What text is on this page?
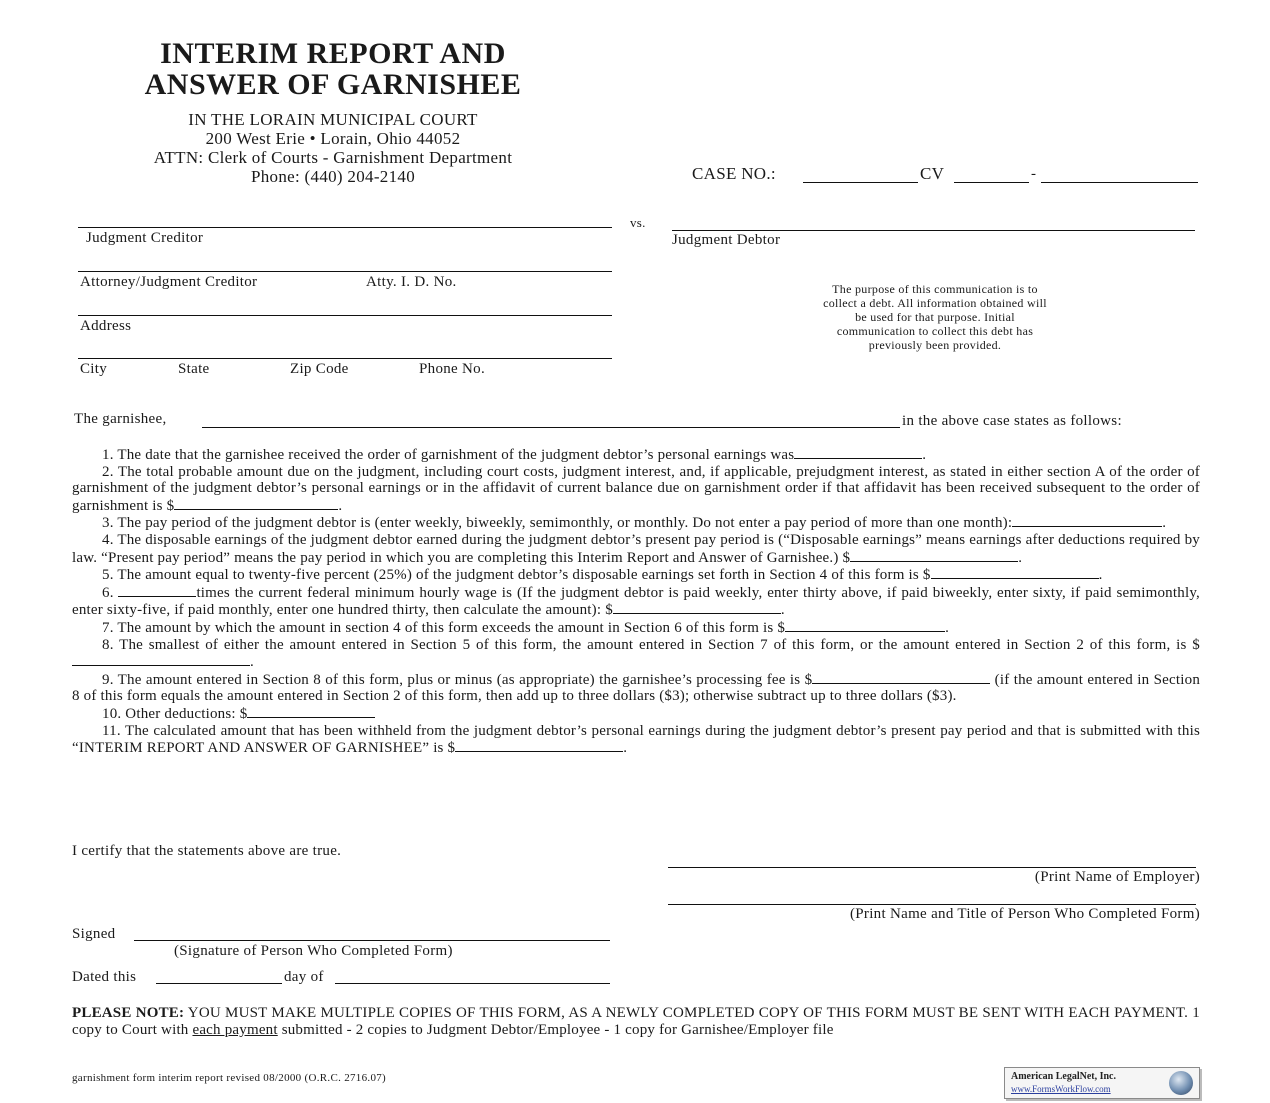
INTERIM REPORT AND
ANSWER OF GARNISHEE
IN THE LORAIN MUNICIPAL COURT
200 West Erie • Lorain, Ohio 44052
ATTN: Clerk of Courts - Garnishment Department
Phone: (440) 204-2140	CASE NO.:	CV	-
Judgment Creditor
vs.
Judgment Debtor
Attorney/Judgment Creditor	Atty. I. D. No.
Address
City	State	Zip Code	Phone No.
The purpose of this communication is to
collect a debt. All information obtained will
be used for that purpose. Initial
communication to collect this debt has
previously been provided.
The garnishee,	in the above case states as follows:

1. The date that the garnishee received the order of garnishment of the judgment debtor’s personal earnings was	.

2. The total probable amount due on the judgment, including court costs, judgment interest, and, if applicable, prejudgment interest, as stated in either section A of the order of garnishment of the judgment debtor’s personal earnings or in the affidavit of current balance due on garnishment order if that affidavit has been received subsequent to the order of garnishment is $	.

3. The pay period of the judgment debtor is (enter weekly, biweekly, semimonthly, or monthly. Do not enter a pay period of more than one month):	.

4. The disposable earnings of the judgment debtor earned during the judgment debtor’s present pay period is (“Disposable earnings” means earnings after deductions required by law. “Present pay period” means the pay period in which you are completing this Interim Report and Answer of Garnishee.) $	.

5. The amount equal to twenty-five percent (25%) of the judgment debtor’s disposable earnings set forth in Section 4 of this form is $	.

6.	times the current federal minimum hourly wage is (If the judgment debtor is paid weekly, enter thirty above, if paid biweekly, enter sixty, if paid semimonthly, enter sixty-five, if paid monthly, enter one hundred thirty, then calculate the amount): $	.

7. The amount by which the amount in section 4 of this form exceeds the amount in Section 6 of this form is $	.

8. The smallest of either the amount entered in Section 5 of this form, the amount entered in Section 7 of this form, or the amount entered in Section 2 of this form, is $.

9. The amount entered in Section 8 of this form, plus or minus (as appropriate) the garnishee’s processing fee is $	(if the amount entered in Section 8 of this form equals the amount entered in Section 2 of this form, then add up to three dollars ($3); otherwise subtract up to three dollars ($3).

10. Other deductions: $

11. The calculated amount that has been withheld from the judgment debtor’s personal earnings during the judgment debtor’s present pay period and that is submitted with this “INTERIM REPORT AND ANSWER OF GARNISHEE” is $	.

I certify that the statements above are true.
(Print Name of Employer)
(Print Name and Title of Person Who Completed Form)
Signed
(Signature of Person Who Completed Form)
Dated this	day of
PLEASE NOTE: YOU MUST MAKE MULTIPLE COPIES OF THIS FORM, AS A NEWLY COMPLETED COPY OF THIS FORM MUST BE SENT WITH EACH PAYMENT. 1 copy to Court with each payment submitted - 2 copies to Judgment Debtor/Employee - 1 copy for Garnishee/Employer file
garnishment form interim report revised 08/2000 (O.R.C. 2716.07)	American LegalNet, Inc.
www.FormsWorkFlow.com
